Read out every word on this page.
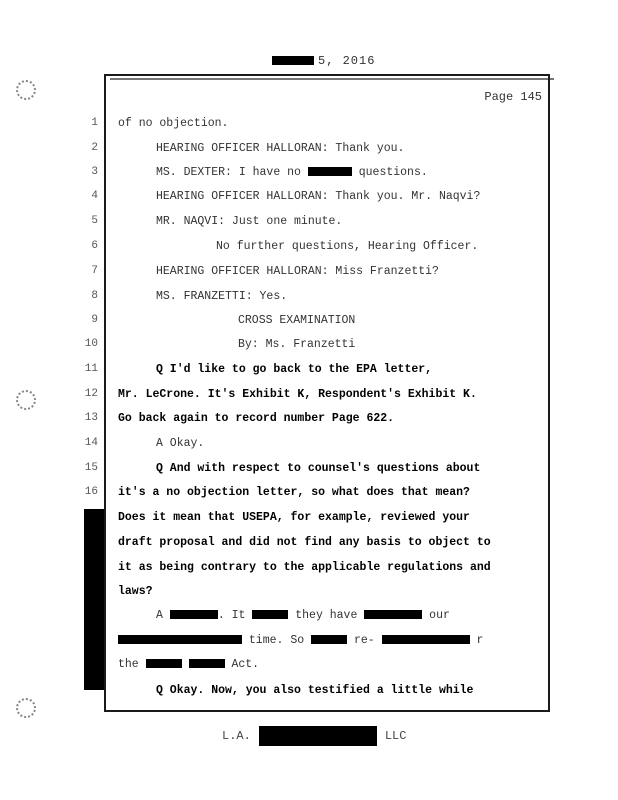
5, 2016
Page 145
1
2
3
4
5
6
7
8
9
10
11
12
13
14
15
16
of no objection.
HEARING OFFICER HALLORAN: Thank you.
MS. DEXTER: I have no	questions.
HEARING OFFICER HALLORAN: Thank you. Mr. Naqvi?
MR. NAQVI: Just one minute.
No further questions, Hearing Officer.
HEARING OFFICER HALLORAN: Miss Franzetti?
MS. FRANZETTI: Yes.
CROSS EXAMINATION
By: Ms. Franzetti
Q I'd like to go back to the EPA letter,
Mr. LeCrone. It's Exhibit K, Respondent's Exhibit K.
Go back again to record number Page 622.
A Okay.
Q And with respect to counsel's questions about
it's a no objection letter, so what does that mean?
Does it mean that USEPA, for example, reviewed your
draft proposal and did not find any basis to object to
it as being contrary to the applicable regulations and
laws?
A	. It	they have	our
time. So	re-	r
the	Act.
Q Okay. Now, you also testified a little while
L.A.	LLC
